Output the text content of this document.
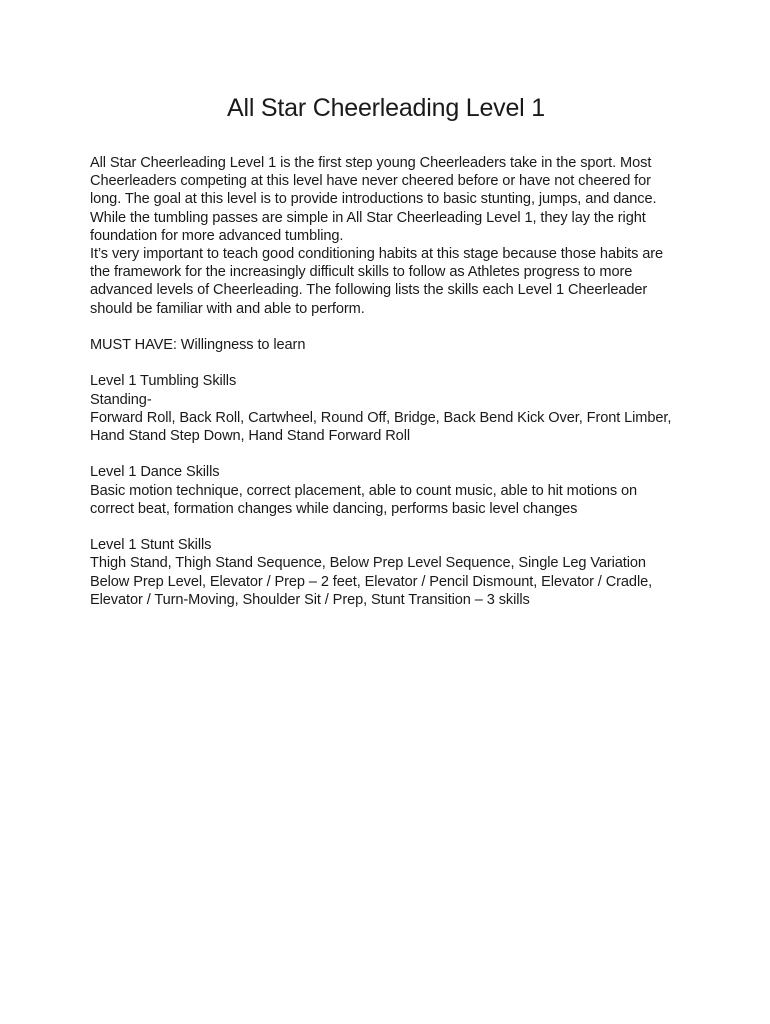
All Star Cheerleading Level 1

All Star Cheerleading Level 1 is the first step young Cheerleaders take in the sport. Most Cheerleaders competing at this level have never cheered before or have not cheered for long. The goal at this level is to provide introductions to basic stunting, jumps, and dance. While the tumbling passes are simple in All Star Cheerleading Level 1, they lay the right foundation for more advanced tumbling.

It’s very important to teach good conditioning habits at this stage because those habits are the framework for the increasingly difficult skills to follow as Athletes progress to more advanced levels of Cheerleading. The following lists the skills each Level 1 Cheerleader should be familiar with and able to perform.

MUST HAVE: Willingness to learn

Level 1 Tumbling Skills

Standing-

Forward Roll, Back Roll, Cartwheel, Round Off, Bridge, Back Bend Kick Over, Front Limber, Hand Stand Step Down, Hand Stand Forward Roll

Level 1 Dance Skills

Basic motion technique, correct placement, able to count music, able to hit motions on correct beat, formation changes while dancing, performs basic level changes

Level 1 Stunt Skills

Thigh Stand, Thigh Stand Sequence, Below Prep Level Sequence, Single Leg Variation Below Prep Level, Elevator / Prep – 2 feet, Elevator / Pencil Dismount, Elevator / Cradle, Elevator / Turn-Moving, Shoulder Sit / Prep, Stunt Transition – 3 skills
